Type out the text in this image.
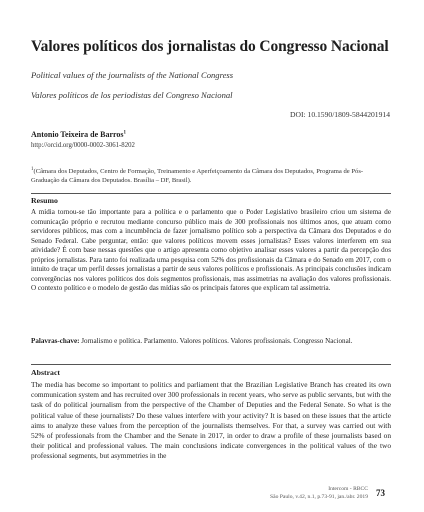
Valores políticos dos jornalistas do Congresso Nacional

Political values of the journalists of the National Congress

Valores políticos de los periodistas del Congreso Nacional

DOI: 10.1590/1809-5844201914
Antonio Teixeira de Barros$^1$
http://orcid.org/0000-0002-3061-8202
$^1$(Câmara dos Deputados, Centro de Formação, Treinamento e Aperfeiçoamento da Câmara dos Deputados, Programa de Pós-Graduação da Câmara dos Deputados. Brasília – DF, Brasil).
Resumo

A mídia tornou-se tão importante para a política e o parlamento que o Poder Legislativo brasileiro criou um sistema de comunicação próprio e recrutou mediante concurso público mais de 300 profissionais nos últimos anos, que atuam como servidores públicos, mas com a incumbência de fazer jornalismo político sob a perspectiva da Câmara dos Deputados e do Senado Federal. Cabe perguntar, então: que valores políticos movem esses jornalistas? Esses valores interferem em sua atividade? É com base nessas questões que o artigo apresenta como objetivo analisar esses valores a partir da percepção dos próprios jornalistas. Para tanto foi realizada uma pesquisa com 52% dos profissionais da Câmara e do Senado em 2017, com o intuito de traçar um perfil desses jornalistas a partir de seus valores políticos e profissionais. As principais conclusões indicam convergências nos valores políticos dos dois segmentos profissionais, mas assimetrias na avaliação dos valores profissionais. O contexto político e o modelo de gestão das mídias são os principais fatores que explicam tal assimetria.

Palavras-chave: Jornalismo e política. Parlamento. Valores políticos. Valores profissionais. Congresso Nacional.

Abstract

The media has become so important to politics and parliament that the Brazilian Legislative Branch has created its own communication system and has recruited over 300 professionals in recent years, who serve as public servants, but with the task of do political journalism from the perspective of the Chamber of Deputies and the Federal Senate. So what is the political value of these journalists? Do these values interfere with your activity? It is based on these issues that the article aims to analyze these values from the perception of the journalists themselves. For that, a survey was carried out with 52% of professionals from the Chamber and the Senate in 2017, in order to draw a profile of these journalists based on their political and professional values. The main conclusions indicate convergences in the political values of the two professional segments, but asymmetries in the

Intercom - RBCC
São Paulo, v.42, n.1, p.73-91, jan./abr. 2019 73
